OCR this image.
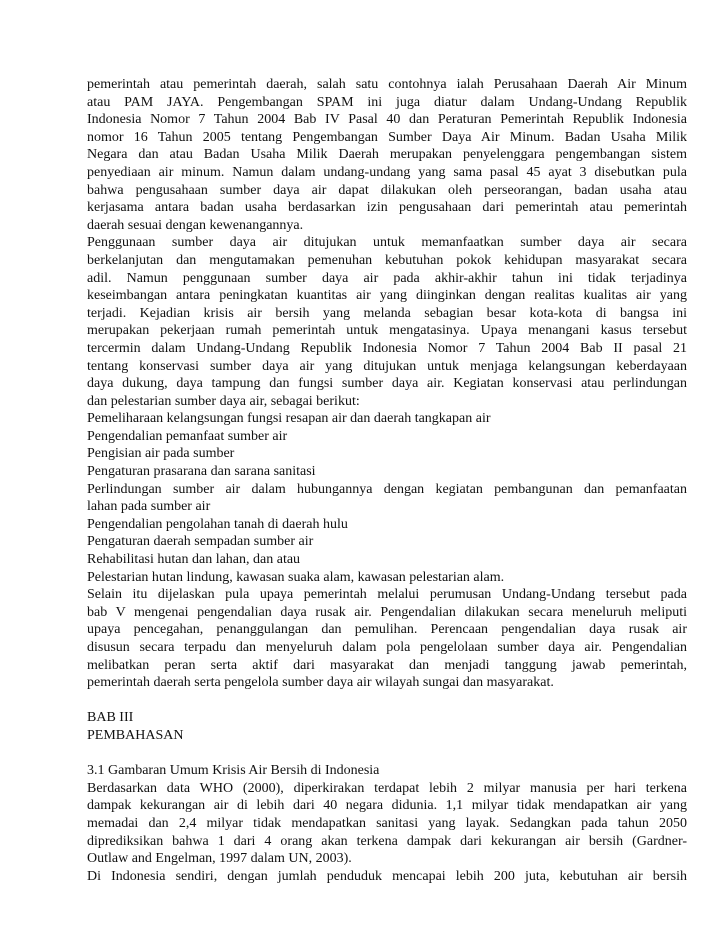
pemerintah atau pemerintah daerah, salah satu contohnya ialah Perusahaan Daerah Air Minum
atau PAM JAYA. Pengembangan SPAM ini juga diatur dalam Undang-Undang Republik
Indonesia Nomor 7 Tahun 2004 Bab IV Pasal 40 dan Peraturan Pemerintah Republik Indonesia
nomor 16 Tahun 2005 tentang Pengembangan Sumber Daya Air Minum. Badan Usaha Milik
Negara dan atau Badan Usaha Milik Daerah merupakan penyelenggara pengembangan sistem
penyediaan air minum. Namun dalam undang-undang yang sama pasal 45 ayat 3 disebutkan pula
bahwa pengusahaan sumber daya air dapat dilakukan oleh perseorangan, badan usaha atau
kerjasama antara badan usaha berdasarkan izin pengusahaan dari pemerintah atau pemerintah
daerah sesuai dengan kewenangannya.
Penggunaan sumber daya air ditujukan untuk memanfaatkan sumber daya air secara
berkelanjutan dan mengutamakan pemenuhan kebutuhan pokok kehidupan masyarakat secara
adil. Namun penggunaan sumber daya air pada akhir-akhir tahun ini tidak terjadinya
keseimbangan antara peningkatan kuantitas air yang diinginkan dengan realitas kualitas air yang
terjadi. Kejadian krisis air bersih yang melanda sebagian besar kota-kota di bangsa ini
merupakan pekerjaan rumah pemerintah untuk mengatasinya. Upaya menangani kasus tersebut
tercermin dalam Undang-Undang Republik Indonesia Nomor 7 Tahun 2004 Bab II pasal 21
tentang konservasi sumber daya air yang ditujukan untuk menjaga kelangsungan keberdayaan
daya dukung, daya tampung dan fungsi sumber daya air. Kegiatan konservasi atau perlindungan
dan pelestarian sumber daya air, sebagai berikut:
Pemeliharaan kelangsungan fungsi resapan air dan daerah tangkapan air
Pengendalian pemanfaat sumber air
Pengisian air pada sumber
Pengaturan prasarana dan sarana sanitasi
Perlindungan sumber air dalam hubungannya dengan kegiatan pembangunan dan pemanfaatan
lahan pada sumber air
Pengendalian pengolahan tanah di daerah hulu
Pengaturan daerah sempadan sumber air
Rehabilitasi hutan dan lahan, dan atau
Pelestarian hutan lindung, kawasan suaka alam, kawasan pelestarian alam.
Selain itu dijelaskan pula upaya pemerintah melalui perumusan Undang-Undang tersebut pada
bab V mengenai pengendalian daya rusak air. Pengendalian dilakukan secara meneluruh meliputi
upaya pencegahan, penanggulangan dan pemulihan. Perencaan pengendalian daya rusak air
disusun secara terpadu dan menyeluruh dalam pola pengelolaan sumber daya air. Pengendalian
melibatkan peran serta aktif dari masyarakat dan menjadi tanggung jawab pemerintah,
pemerintah daerah serta pengelola sumber daya air wilayah sungai dan masyarakat.
BAB III
PEMBAHASAN
3.1 Gambaran Umum Krisis Air Bersih di Indonesia
Berdasarkan data WHO (2000), diperkirakan terdapat lebih 2 milyar manusia per hari terkena
dampak kekurangan air di lebih dari 40 negara didunia. 1,1 milyar tidak mendapatkan air yang
memadai dan 2,4 milyar tidak mendapatkan sanitasi yang layak. Sedangkan pada tahun 2050
diprediksikan bahwa 1 dari 4 orang akan terkena dampak dari kekurangan air bersih (Gardner-
Outlaw and Engelman, 1997 dalam UN, 2003).
Di Indonesia sendiri, dengan jumlah penduduk mencapai lebih 200 juta, kebutuhan air bersih
